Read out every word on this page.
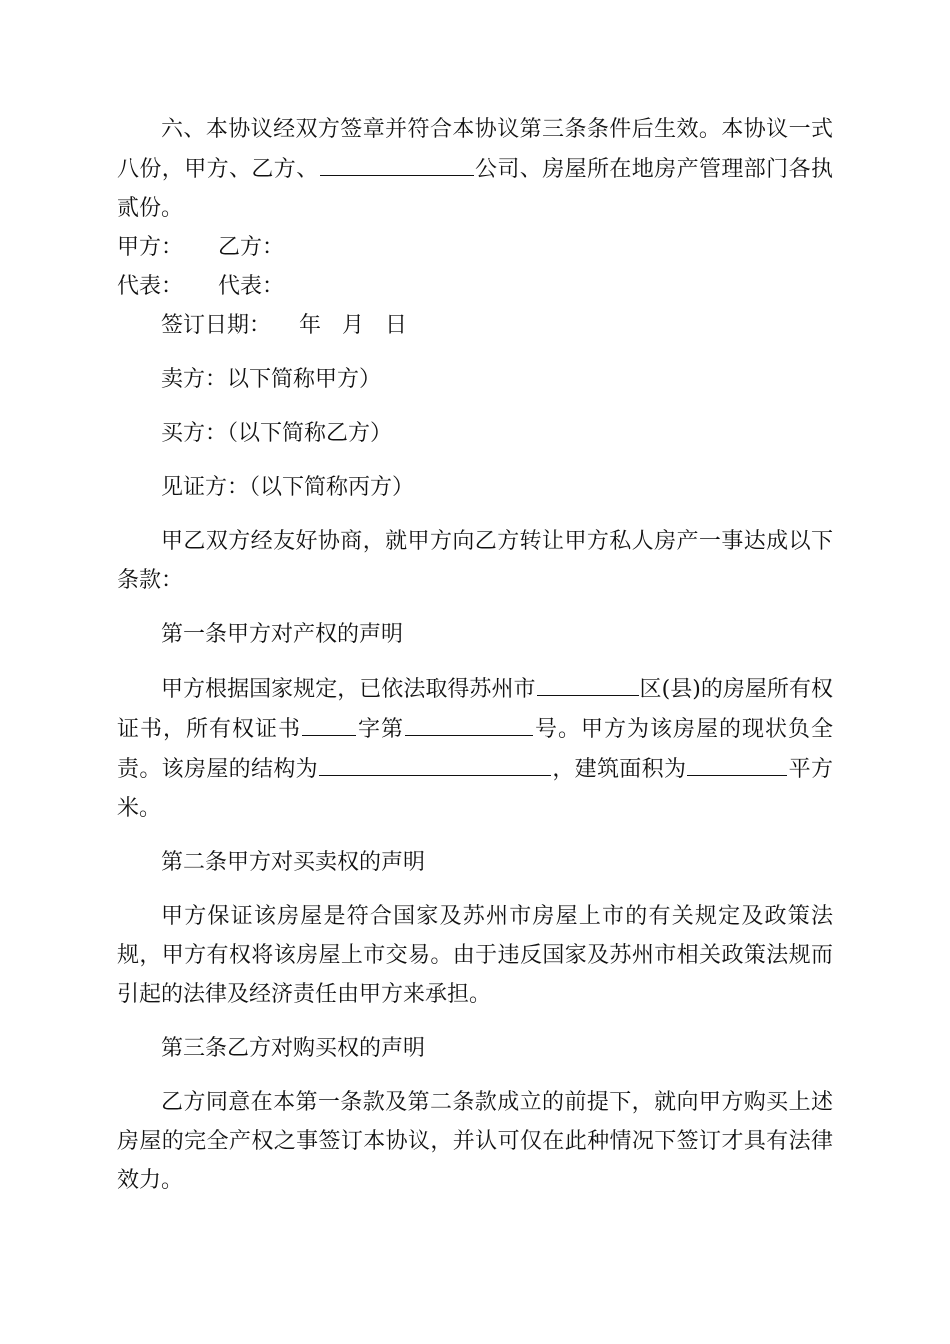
六、本协议经双方签章并符合本协议第三条条件后生效。本协议一式八份，甲方、乙方、	公司、房屋所在地房产管理部门各执贰份。

甲方： 乙方：

代表： 代表：

签订日期： 年 月 日

卖方：以下简称甲方）

买方：（以下简称乙方）

见证方：（以下简称丙方）

甲乙双方经友好协商，就甲方向乙方转让甲方私人房产一事达成以下条款：

第一条甲方对产权的声明

甲方根据国家规定，已依法取得苏州市	区(县)的房屋所有权证书，所有权证书	字第	号。甲方为该房屋的现状负全责。该房屋的结构为	，建筑面积为	平方米。

第二条甲方对买卖权的声明

甲方保证该房屋是符合国家及苏州市房屋上市的有关规定及政策法规，甲方有权将该房屋上市交易。由于违反国家及苏州市相关政策法规而引起的法律及经济责任由甲方来承担。

第三条乙方对购买权的声明

乙方同意在本第一条款及第二条款成立的前提下，就向甲方购买上述房屋的完全产权之事签订本协议，并认可仅在此种情况下签订才具有法律效力。
